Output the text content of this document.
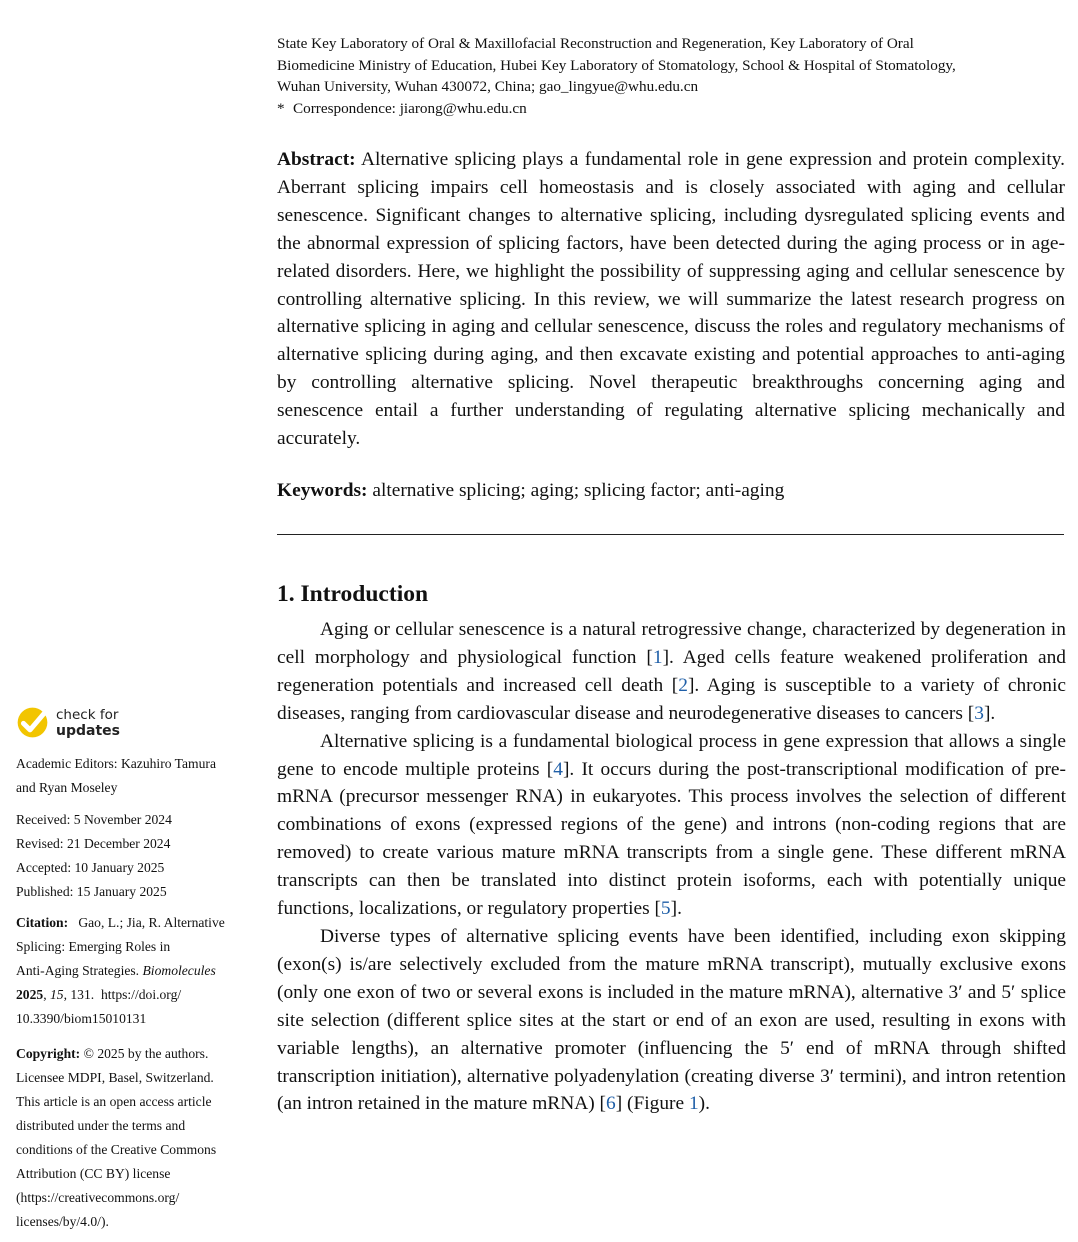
State Key Laboratory of Oral & Maxillofacial Reconstruction and Regeneration, Key Laboratory of Oral

Biomedicine Ministry of Education, Hubei Key Laboratory of Stomatology, School & Hospital of Stomatology,

Wuhan University, Wuhan 430072, China; gao_lingyue@whu.edu.cn

* Correspondence: jiarong@whu.edu.cn

Abstract: Alternative splicing plays a fundamental role in gene expression and protein complexity. Aberrant splicing impairs cell homeostasis and is closely associated with aging and cellular senescence. Significant changes to alternative splicing, including dysregulated splicing events and the abnormal expression of splicing factors, have been detected during the aging process or in age-related disorders. Here, we highlight the possibility of suppressing aging and cellular senescence by controlling alternative splicing. In this review, we will summarize the latest research progress on alternative splicing in aging and cellular senescence, discuss the roles and regulatory mechanisms of alternative splicing during aging, and then excavate existing and potential approaches to anti-aging by controlling alternative splicing. Novel therapeutic breakthroughs concerning aging and senescence entail a further understanding of regulating alternative splicing mechanically and accurately.
Keywords: alternative splicing; aging; splicing factor; anti-aging
1. Introduction

Aging or cellular senescence is a natural retrogressive change, characterized by degeneration in cell morphology and physiological function [1]. Aged cells feature weakened proliferation and regeneration potentials and increased cell death [2]. Aging is susceptible to a variety of chronic diseases, ranging from cardiovascular disease and neurodegenerative diseases to cancers [3].

Alternative splicing is a fundamental biological process in gene expression that allows a single gene to encode multiple proteins [4]. It occurs during the post-transcriptional modification of pre-mRNA (precursor messenger RNA) in eukaryotes. This process involves the selection of different combinations of exons (expressed regions of the gene) and introns (non-coding regions that are removed) to create various mature mRNA transcripts from a single gene. These different mRNA transcripts can then be translated into distinct protein isoforms, each with potentially unique functions, localizations, or regulatory properties [5].

Diverse types of alternative splicing events have been identified, including exon skipping (exon(s) is/are selectively excluded from the mature mRNA transcript), mutually exclusive exons (only one exon of two or several exons is included in the mature mRNA), alternative 3′ and 5′ splice site selection (different splice sites at the start or end of an exon are used, resulting in exons with variable lengths), an alternative promoter (influencing the 5′ end of mRNA through shifted transcription initiation), alternative polyadenylation (creating diverse 3′ termini), and intron retention (an intron retained in the mature mRNA) [6] (Figure 1).

check for
updates
Academic Editors: Kazuhiro Tamura
and Ryan Moseley
Received: 5 November 2024
Revised: 21 December 2024
Accepted: 10 January 2025
Published: 15 January 2025
Citation: Gao, L.; Jia, R. Alternative
Splicing: Emerging Roles in
Anti-Aging Strategies. Biomolecules
2025, 15, 131. https://doi.org/
10.3390/biom15010131
Copyright: © 2025 by the authors.
Licensee MDPI, Basel, Switzerland.
This article is an open access article
distributed under the terms and
conditions of the Creative Commons
Attribution (CC BY) license
(https://creativecommons.org/
licenses/by/4.0/).
